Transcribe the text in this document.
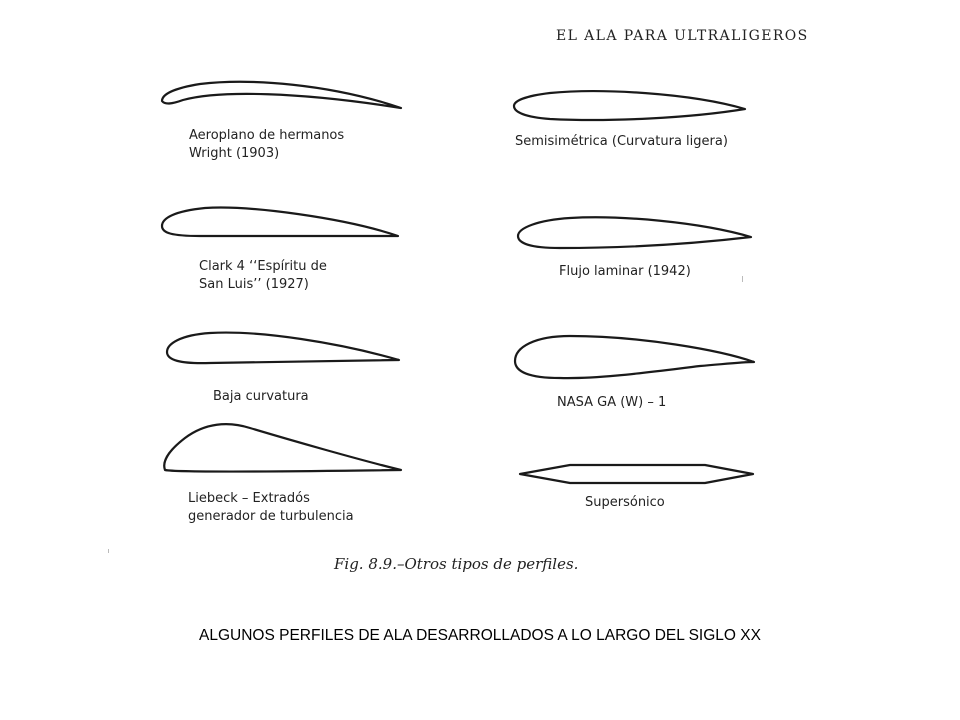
EL ALA PARA ULTRALIGEROS
Aeroplano de hermanos
Wright (1903)
Clark 4 ‘‘Espíritu de
San Luis’’ (1927)
Baja curvatura
Liebeck – Extradós
generador de turbulencia
Semisimétrica (Curvatura ligera)
Flujo laminar (1942)
NASA GA (W) – 1
Supersónico
Fig. 8.9.–Otros tipos de perfiles.
ALGUNOS PERFILES DE ALA DESARROLLADOS A LO LARGO DEL SIGLO XX
